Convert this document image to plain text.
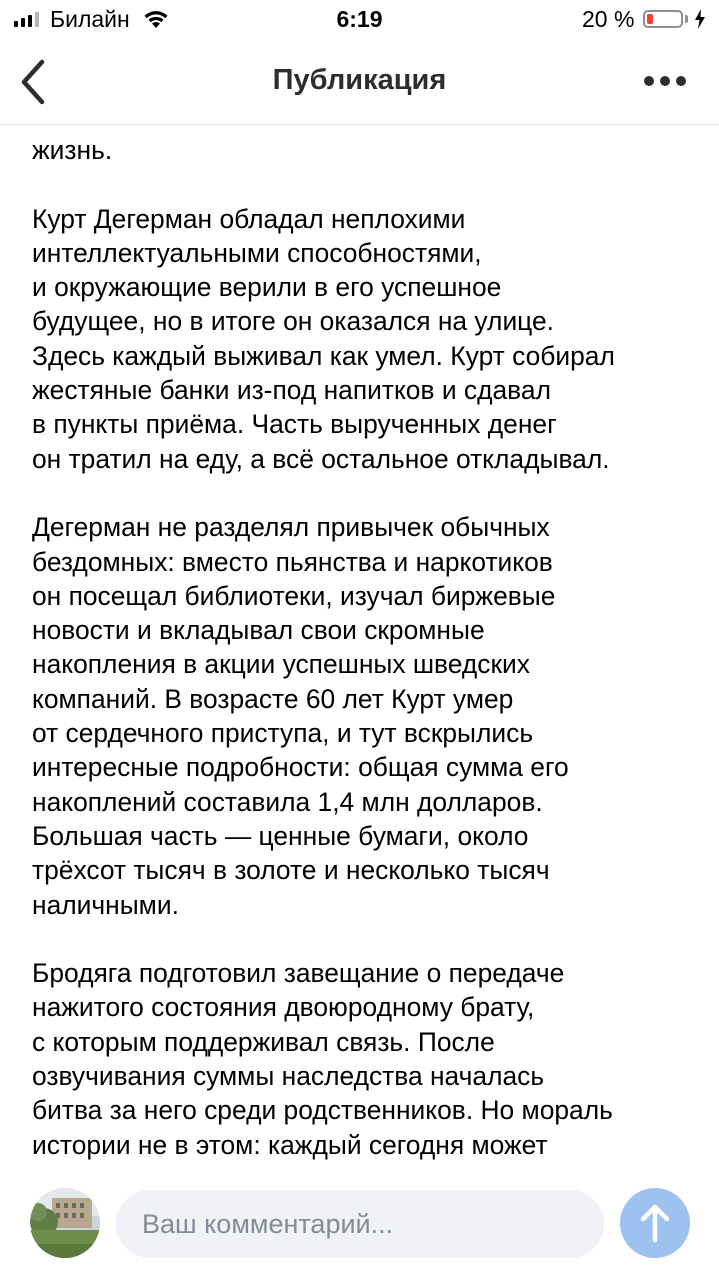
Билайн	6:19	20 %
Публикация

жизнь.

Курт Дегерман обладал неплохими
интеллектуальными способностями,
и окружающие верили в его успешное
будущее, но в итоге он оказался на улице.
Здесь каждый выживал как умел. Курт собирал
жестяные банки из-под напитков и сдавал
в пункты приёма. Часть вырученных денег
он тратил на еду, а всё остальное откладывал.

Дегерман не разделял привычек обычных
бездомных: вместо пьянства и наркотиков
он посещал библиотеки, изучал биржевые
новости и вкладывал свои скромные
накопления в акции успешных шведских
компаний. В возрасте 60 лет Курт умер
от сердечного приступа, и тут вскрылись
интересные подробности: общая сумма его
накоплений составила 1,4 млн долларов.
Большая часть — ценные бумаги, около
трёхсот тысяч в золоте и несколько тысяч
наличными.

Бродяга подготовил завещание о передаче
нажитого состояния двоюродному брату,
с которым поддерживал связь. После
озвучивания суммы наследства началась
битва за него среди родственников. Но мораль
истории не в этом: каждый сегодня может

Ваш комментарий...
